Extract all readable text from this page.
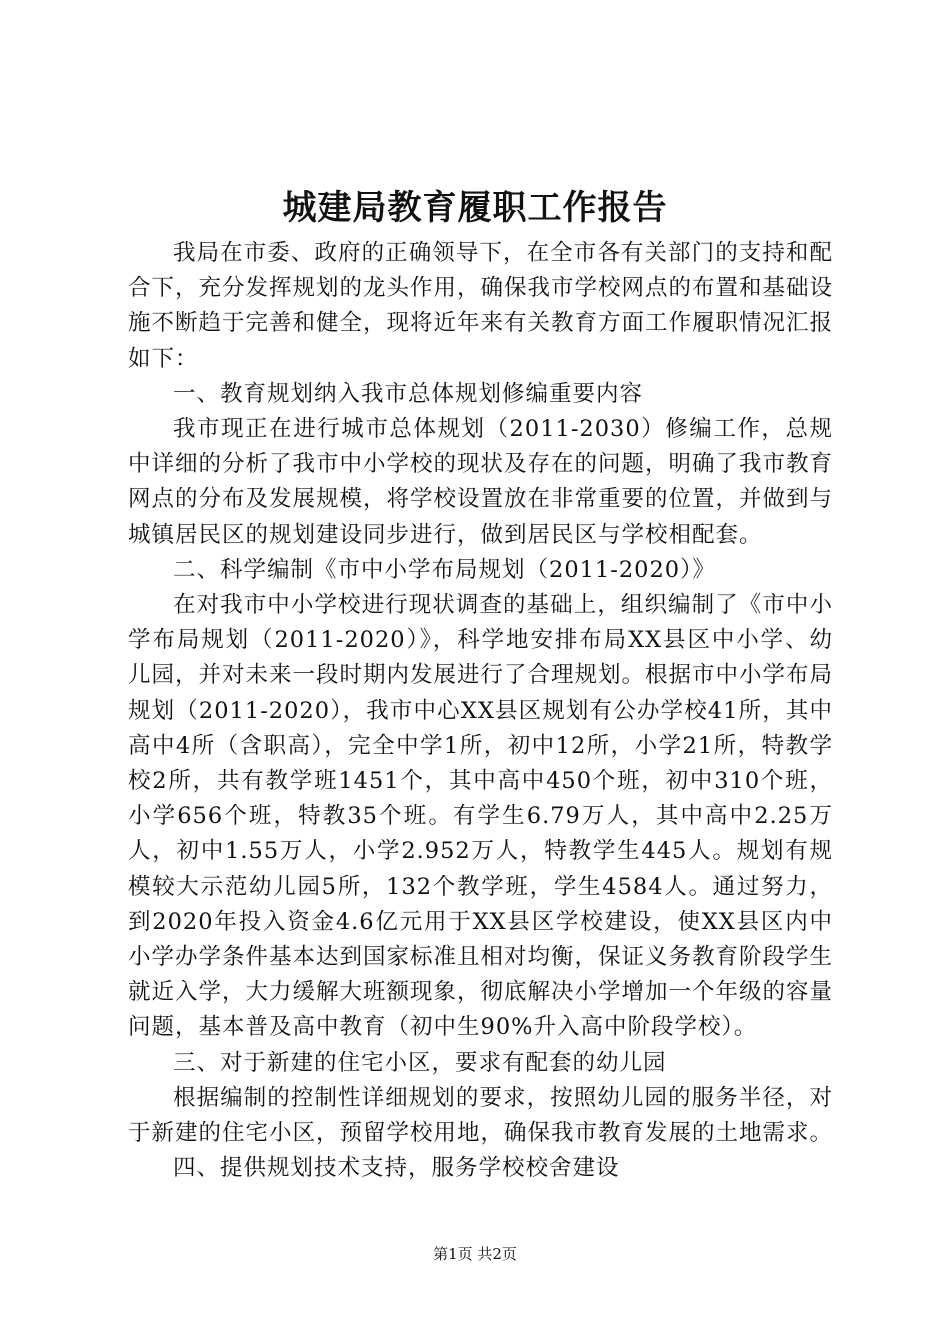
城建局教育履职工作报告

我局在市委、政府的正确领导下，在全市各有关部门的支持和配合下，充分发挥规划的龙头作用，确保我市学校网点的布置和基础设施不断趋于完善和健全，现将近年来有关教育方面工作履职情况汇报如下：

一、教育规划纳入我市总体规划修编重要内容

我市现正在进行城市总体规划（2011-2030）修编工作，总规中详细的分析了我市中小学校的现状及存在的问题，明确了我市教育网点的分布及发展规模，将学校设置放在非常重要的位置，并做到与城镇居民区的规划建设同步进行，做到居民区与学校相配套。

二、科学编制《市中小学布局规划（2011-2020）》

在对我市中小学校进行现状调查的基础上，组织编制了《市中小学布局规划（2011-2020）》，科学地安排布局XX县区中小学、幼儿园，并对未来一段时期内发展进行了合理规划。根据市中小学布局规划（2011-2020），我市中心XX县区规划有公办学校41所，其中高中4所（含职高），完全中学1所，初中12所，小学21所，特教学校2所，共有教学班1451个，其中高中450个班，初中310个班，小学656个班，特教35个班。有学生6.79万人，其中高中2.25万人，初中1.55万人，小学2.952万人，特教学生445人。规划有规模较大示范幼儿园5所，132个教学班，学生4584人。通过努力，到2020年投入资金4.6亿元用于XX县区学校建设，使XX县区内中小学办学条件基本达到国家标准且相对均衡，保证义务教育阶段学生就近入学，大力缓解大班额现象，彻底解决小学增加一个年级的容量问题，基本普及高中教育（初中生90%升入高中阶段学校）。

三、对于新建的住宅小区，要求有配套的幼儿园

根据编制的控制性详细规划的要求，按照幼儿园的服务半径，对于新建的住宅小区，预留学校用地，确保我市教育发展的土地需求。

四、提供规划技术支持，服务学校校舍建设

第1页 共2页
